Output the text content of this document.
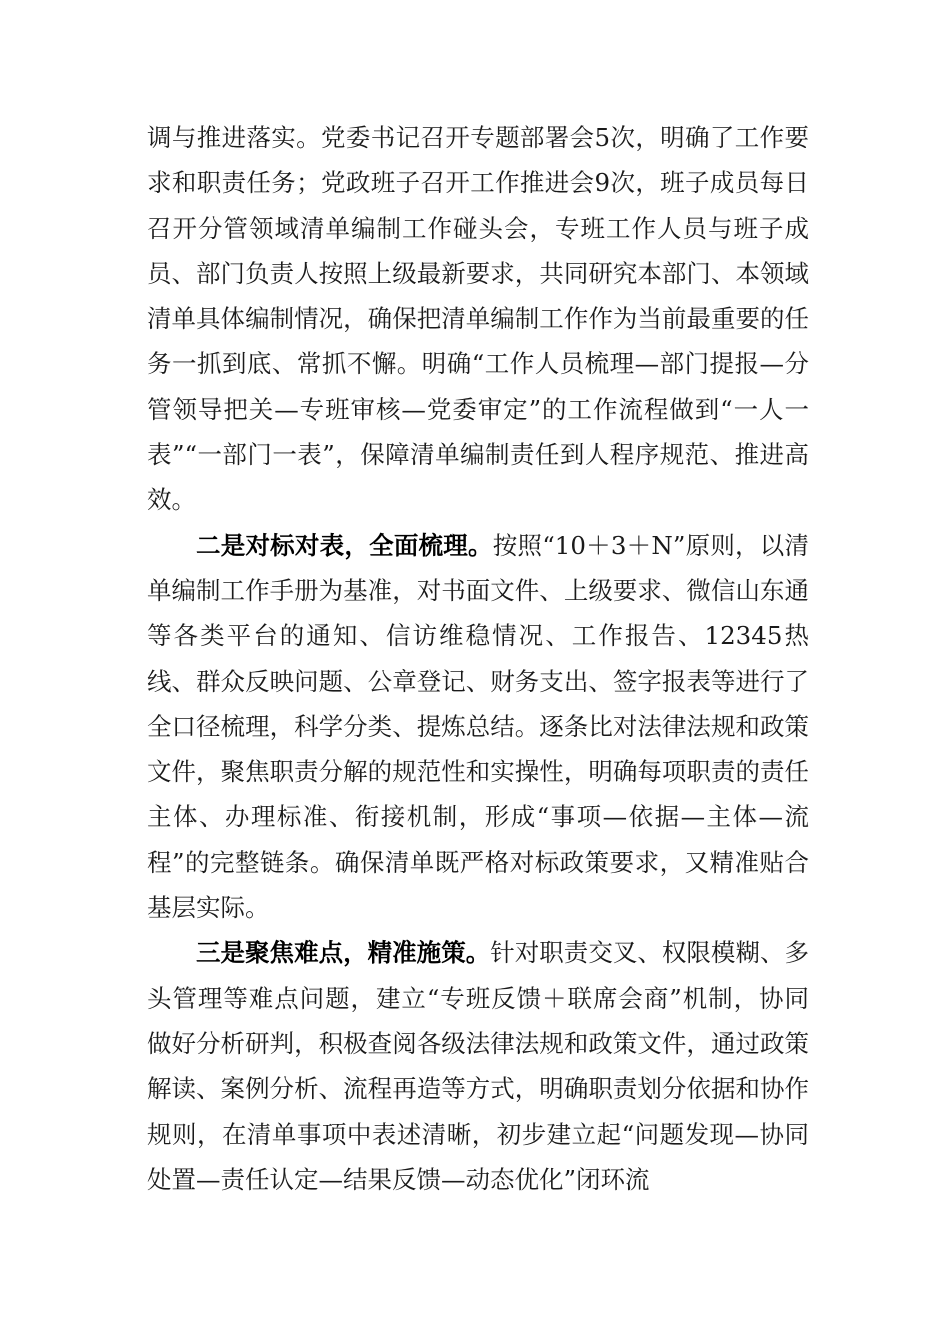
调与推进落实。党委书记召开专题部署会5次，明确了工作要求和职责任务；党政班子召开工作推进会9次，班子成员每日召开分管领域清单编制工作碰头会，专班工作人员与班子成员、部门负责人按照上级最新要求，共同研究本部门、本领域清单具体编制情况，确保把清单编制工作作为当前最重要的任务一抓到底、常抓不懈。明确“工作人员梳理—部门提报—分管领导把关—专班审核—党委审定”的工作流程做到“一人一表”“一部门一表”，保障清单编制责任到人程序规范、推进高效。

二是对标对表，全面梳理。按照“10＋3＋N”原则，以清单编制工作手册为基准，对书面文件、上级要求、微信山东通等各类平台的通知、信访维稳情况、工作报告、12345热线、群众反映问题、公章登记、财务支出、签字报表等进行了全口径梳理，科学分类、提炼总结。逐条比对法律法规和政策文件，聚焦职责分解的规范性和实操性，明确每项职责的责任主体、办理标准、衔接机制，形成“事项—依据—主体—流程”的完整链条。确保清单既严格对标政策要求，又精准贴合基层实际。

三是聚焦难点，精准施策。针对职责交叉、权限模糊、多头管理等难点问题，建立“专班反馈＋联席会商”机制，协同做好分析研判，积极查阅各级法律法规和政策文件，通过政策解读、案例分析、流程再造等方式，明确职责划分依据和协作规则，在清单事项中表述清晰，初步建立起“问题发现—协同处置—责任认定—结果反馈—动态优化”闭环流
